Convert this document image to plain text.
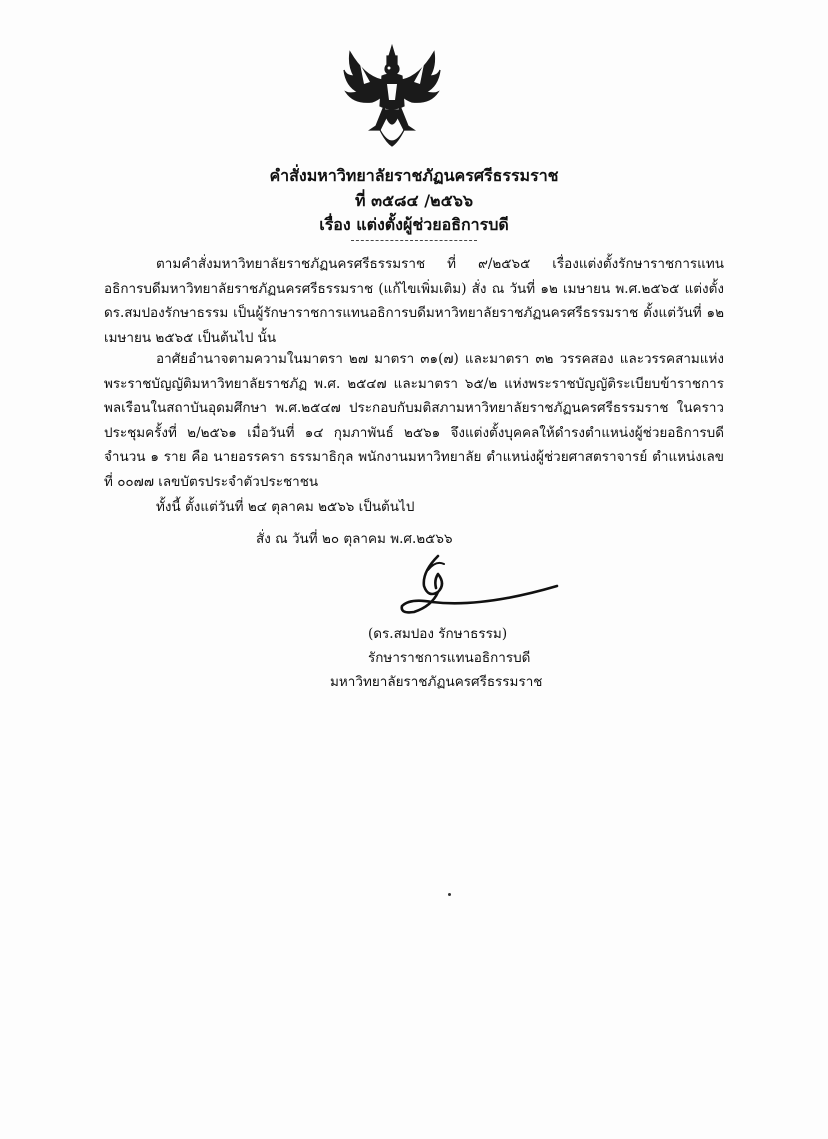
คำสั่งมหาวิทยาลัยราชภัฏนครศรีธรรมราช
ที่ ๓๕๘๔ /๒๕๖๖
เรื่อง แต่งตั้งผู้ช่วยอธิการบดี

ตามคำสั่งมหาวิทยาลัยราชภัฏนครศรีธรรมราช ที่ ๙/๒๕๖๕ เรื่องแต่งตั้งรักษาราชการแทนอธิการบดีมหาวิทยาลัยราชภัฏนครศรีธรรมราช (แก้ไขเพิ่มเติม) สั่ง ณ วันที่ ๑๒ เมษายน พ.ศ.๒๕๖๕ แต่งตั้ง ดร.สมปองรักษาธรรม เป็นผู้รักษาราชการแทนอธิการบดีมหาวิทยาลัยราชภัฏนครศรีธรรมราช ตั้งแต่วันที่ ๑๒ เมษายน ๒๕๖๕ เป็นต้นไป นั้น

อาศัยอำนาจตามความในมาตรา ๒๗ มาตรา ๓๑(๗) และมาตรา ๓๒ วรรคสอง และวรรคสามแห่งพระราชบัญญัติมหาวิทยาลัยราชภัฏ พ.ศ. ๒๕๔๗ และมาตรา ๖๕/๒ แห่งพระราชบัญญัติระเบียบข้าราชการพลเรือนในสถาบันอุดมศึกษา พ.ศ.๒๕๔๗ ประกอบกับมติสภามหาวิทยาลัยราชภัฏนครศรีธรรมราช ในคราวประชุมครั้งที่ ๒/๒๕๖๑ เมื่อวันที่ ๑๔ กุมภาพันธ์ ๒๕๖๑ จึงแต่งตั้งบุคคลให้ดำรงตำแหน่งผู้ช่วยอธิการบดีจำนวน ๑ ราย คือ นายอรรครา ธรรมาธิกุล พนักงานมหาวิทยาลัย ตำแหน่งผู้ช่วยศาสตราจารย์ ตำแหน่งเลขที่ ๐๐๗๗ เลขบัตรประจำตัวประชาชน

ทั้งนี้ ตั้งแต่วันที่ ๒๔ ตุลาคม ๒๕๖๖ เป็นต้นไป
สั่ง ณ วันที่ ๒๐ ตุลาคม พ.ศ.๒๕๖๖
(ดร.สมปอง รักษาธรรม)
รักษาราชการแทนอธิการบดี
มหาวิทยาลัยราชภัฏนครศรีธรรมราช
